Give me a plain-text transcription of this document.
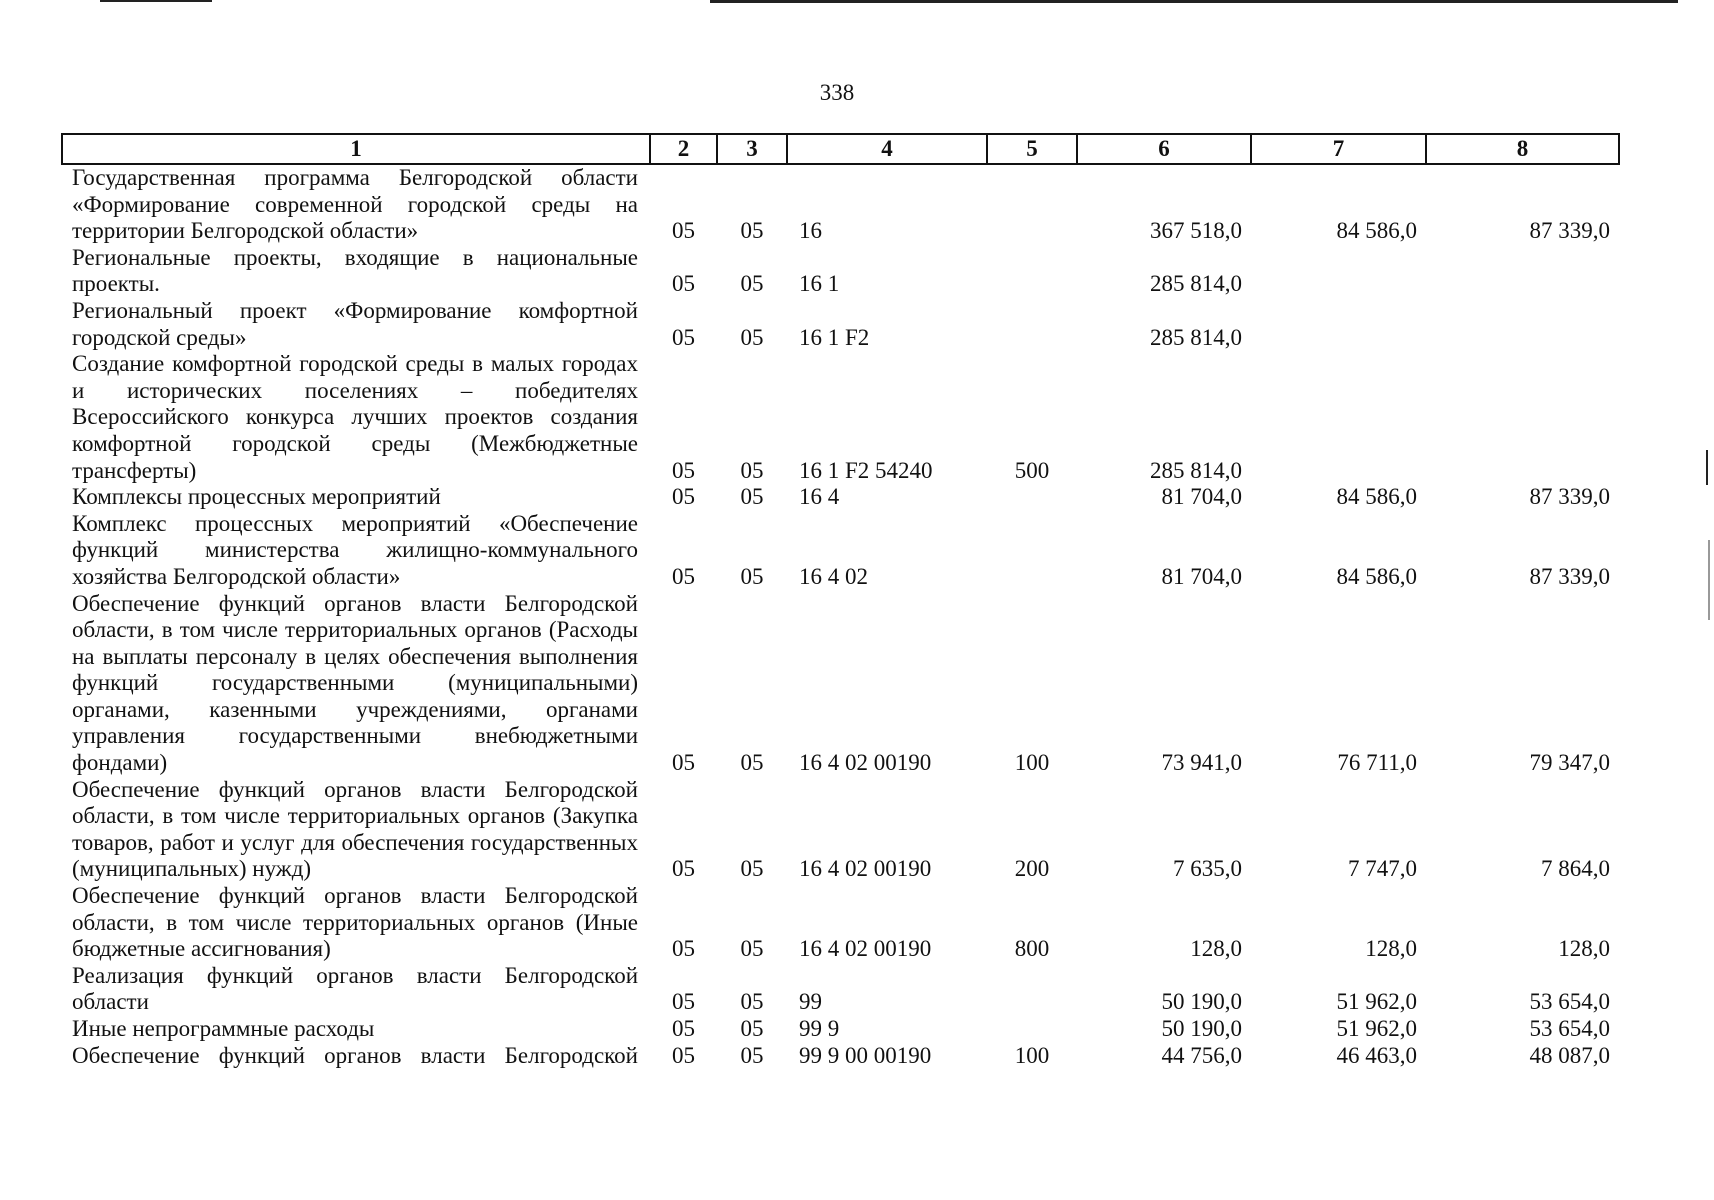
338
1	2	3	4	5	6	7	8
Государственная программа Белгородской области «Формирование современной городской среды на территории Белгородской области»	05	05	16		367 518,0	84 586,0	87 339,0
Региональные проекты, входящие в национальные проекты.	05	05	16 1		285 814,0		
Региональный проект «Формирование комфортной городской среды»	05	05	16 1 F2		285 814,0		
Создание комфортной городской среды в малых городах и исторических поселениях – победителях Всероссийского конкурса лучших проектов создания комфортной городской среды (Межбюджетные трансферты)	05	05	16 1 F2 54240	500	285 814,0		
Комплексы процессных мероприятий	05	05	16 4		81 704,0	84 586,0	87 339,0
Комплекс процессных мероприятий «Обеспечение функций министерства жилищно-коммунального хозяйства Белгородской области»	05	05	16 4 02		81 704,0	84 586,0	87 339,0
Обеспечение функций органов власти Белгородской области, в том числе территориальных органов (Расходы на выплаты персоналу в целях обеспечения выполнения функций государственными (муниципальными) органами, казенными учреждениями, органами управления государственными внебюджетными фондами)	05	05	16 4 02 00190	100	73 941,0	76 711,0	79 347,0
Обеспечение функций органов власти Белгородской области, в том числе территориальных органов (Закупка товаров, работ и услуг для обеспечения государственных (муниципальных) нужд)	05	05	16 4 02 00190	200	7 635,0	7 747,0	7 864,0
Обеспечение функций органов власти Белгородской области, в том числе территориальных органов (Иные бюджетные ассигнования)	05	05	16 4 02 00190	800	128,0	128,0	128,0
Реализация функций органов власти Белгородской области	05	05	99		50 190,0	51 962,0	53 654,0
Иные непрограммные расходы	05	05	99 9		50 190,0	51 962,0	53 654,0
Обеспечение функций органов власти Белгородской	05	05	99 9 00 00190	100	44 756,0	46 463,0	48 087,0
